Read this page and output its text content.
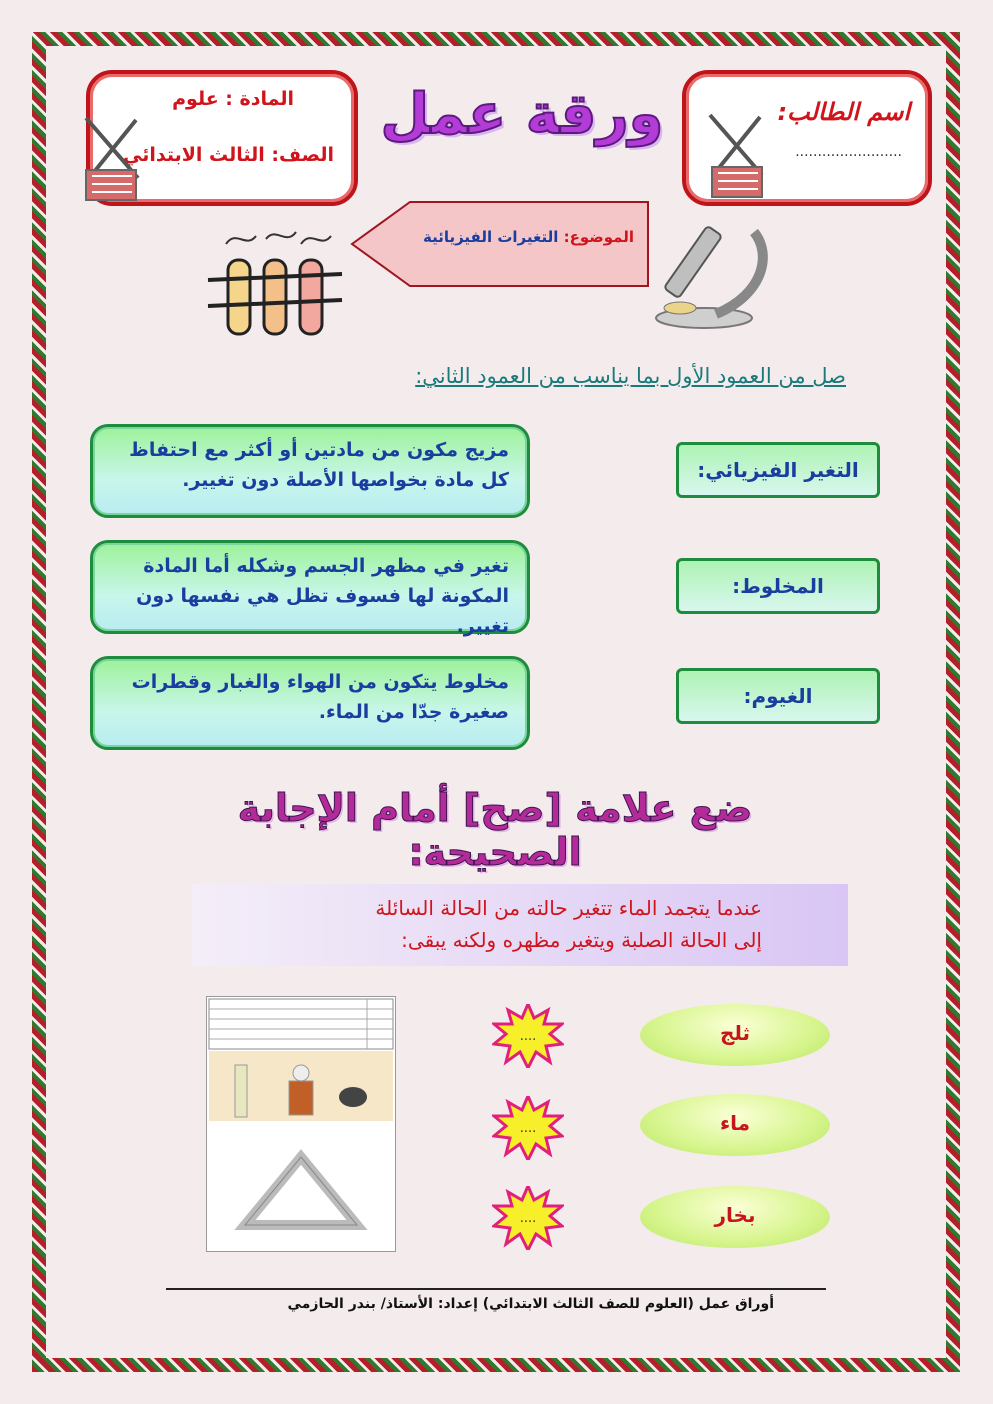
اسم الطالب:
........................
ورقة عمل
المادة : علوم
الصف: الثالث الابتدائي
الموضوع: التغيرات الفيزيائية
صل من العمود الأول بما يناسب من العمود الثاني:
مزيج مكون من مادتين أو أكثر مع احتفاظ كل مادة بخواصها الأصلة دون تغيير.
تغير في مظهر الجسم وشكله أما المادة المكونة لها فسوف تظل هي نفسها دون تغيير.
مخلوط يتكون من الهواء والغبار وقطرات صغيرة جدّا من الماء.
التغير الفيزيائي:
المخلوط:
الغيوم:
ضع علامة [صح] أمام الإجابة الصحيحة:
عندما يتجمد الماء تتغير حالته من الحالة السائلة
إلى الحالة الصلبة ويتغير مظهره ولكنه يبقى:
....
....
....
ثلج
ماء
بخار
أوراق عمل (العلوم للصف الثالث الابتدائي) إعداد: الأستاذ/ بندر الحازمي
